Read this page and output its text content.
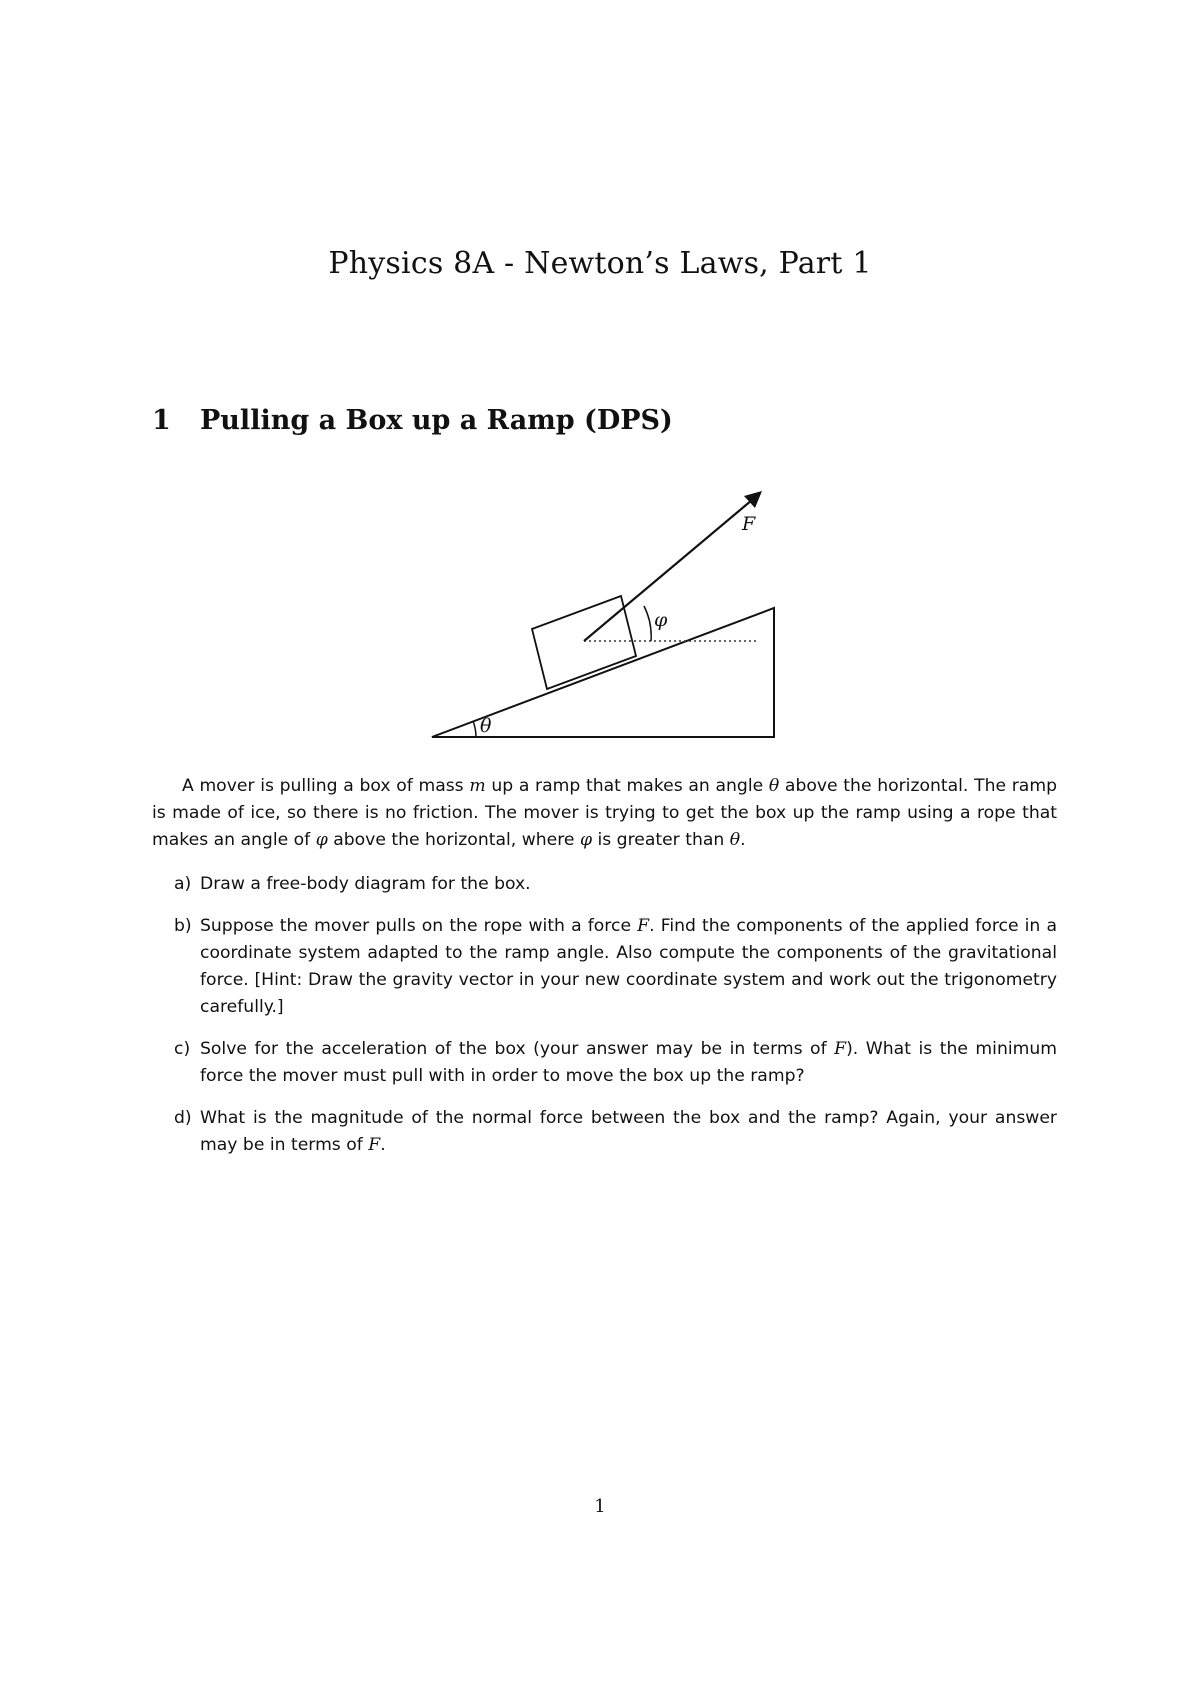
Physics 8A - Newton’s Laws, Part 1
1 Pulling a Box up a Ramp (DPS)
F
φ
θ

A mover is pulling a box of mass m up a ramp that makes an angle θ above the horizontal. The ramp is made of ice, so there is no friction. The mover is trying to get the box up the ramp using a rope that makes an angle of φ above the horizontal, where φ is greater than θ.

a) Draw a free-body diagram for the box.
b) Suppose the mover pulls on the rope with a force F. Find the components of the applied force in a coordinate system adapted to the ramp angle. Also compute the components of the gravitational force. [Hint: Draw the gravity vector in your new coordinate system and work out the trigonometry carefully.]
c) Solve for the acceleration of the box (your answer may be in terms of F). What is the minimum force the mover must pull with in order to move the box up the ramp?
d) What is the magnitude of the normal force between the box and the ramp? Again, your answer may be in terms of F.
1
